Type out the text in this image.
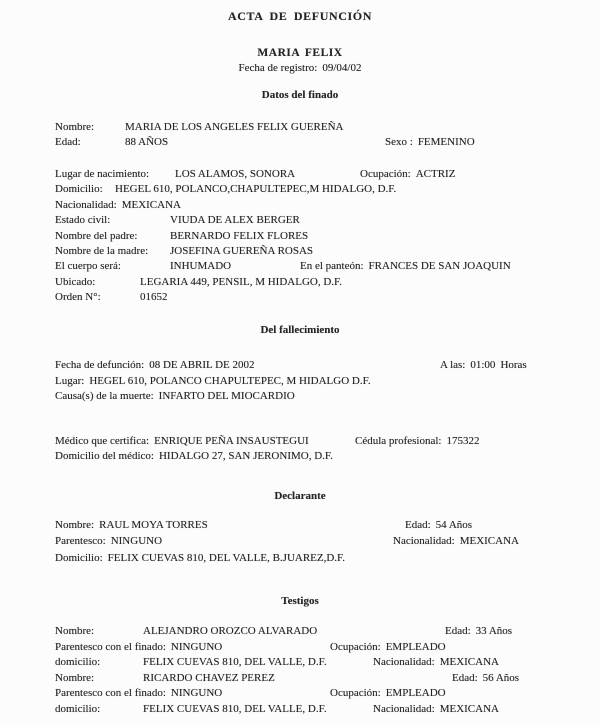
ACTA DE DEFUNCIÓN
MARIA FELIX
Fecha de registro: 09/04/02
Datos del finado
Nombre:	MARIA DE LOS ANGELES FELIX GUEREÑA
Edad:	88 AÑOS	Sexo : FEMENINO
Lugar de nacimiento: LOS ALAMOS, SONORA	Ocupación: ACTRIZ
Domicilio: HEGEL 610, POLANCO,CHAPULTEPEC,M HIDALGO, D.F.
Nacionalidad: MEXICANA
Estado civil:	VIUDA DE ALEX BERGER
Nombre del padre:	BERNARDO FELIX FLORES
Nombre de la madre: JOSEFINA GUEREÑA ROSAS
El cuerpo será:	INHUMADO	En el panteón: FRANCES DE SAN JOAQUIN
Ubicado:	LEGARIA 449, PENSIL, M HIDALGO, D.F.
Orden N°:	01652
Del fallecimiento
Fecha de defunción: 08 DE ABRIL DE 2002	A las: 01:00 Horas
Lugar: HEGEL 610, POLANCO CHAPULTEPEC, M HIDALGO D.F.
Causa(s) de la muerte: INFARTO DEL MIOCARDIO
Médico que certifica: ENRIQUE PEÑA INSAUSTEGUI	Cédula profesional: 175322
Domicilio del médico: HIDALGO 27, SAN JERONIMO, D.F.
Declarante
Nombre: RAUL MOYA TORRES	Edad: 54 Años
Parentesco: NINGUNO	Nacionalidad: MEXICANA
Domicilio: FELIX CUEVAS 810, DEL VALLE, B.JUAREZ,D.F.
Testigos
Nombre:	ALEJANDRO OROZCO ALVARADO	Edad: 33 Años
Parentesco con el finado: NINGUNO	Ocupación: EMPLEADO
domicilio:	FELIX CUEVAS 810, DEL VALLE, D.F.	Nacionalidad: MEXICANA
Nombre:	RICARDO CHAVEZ PEREZ	Edad: 56 Años
Parentesco con el finado: NINGUNO	Ocupación: EMPLEADO
domicilio:	FELIX CUEVAS 810, DEL VALLE, D.F.	Nacionalidad: MEXICANA
